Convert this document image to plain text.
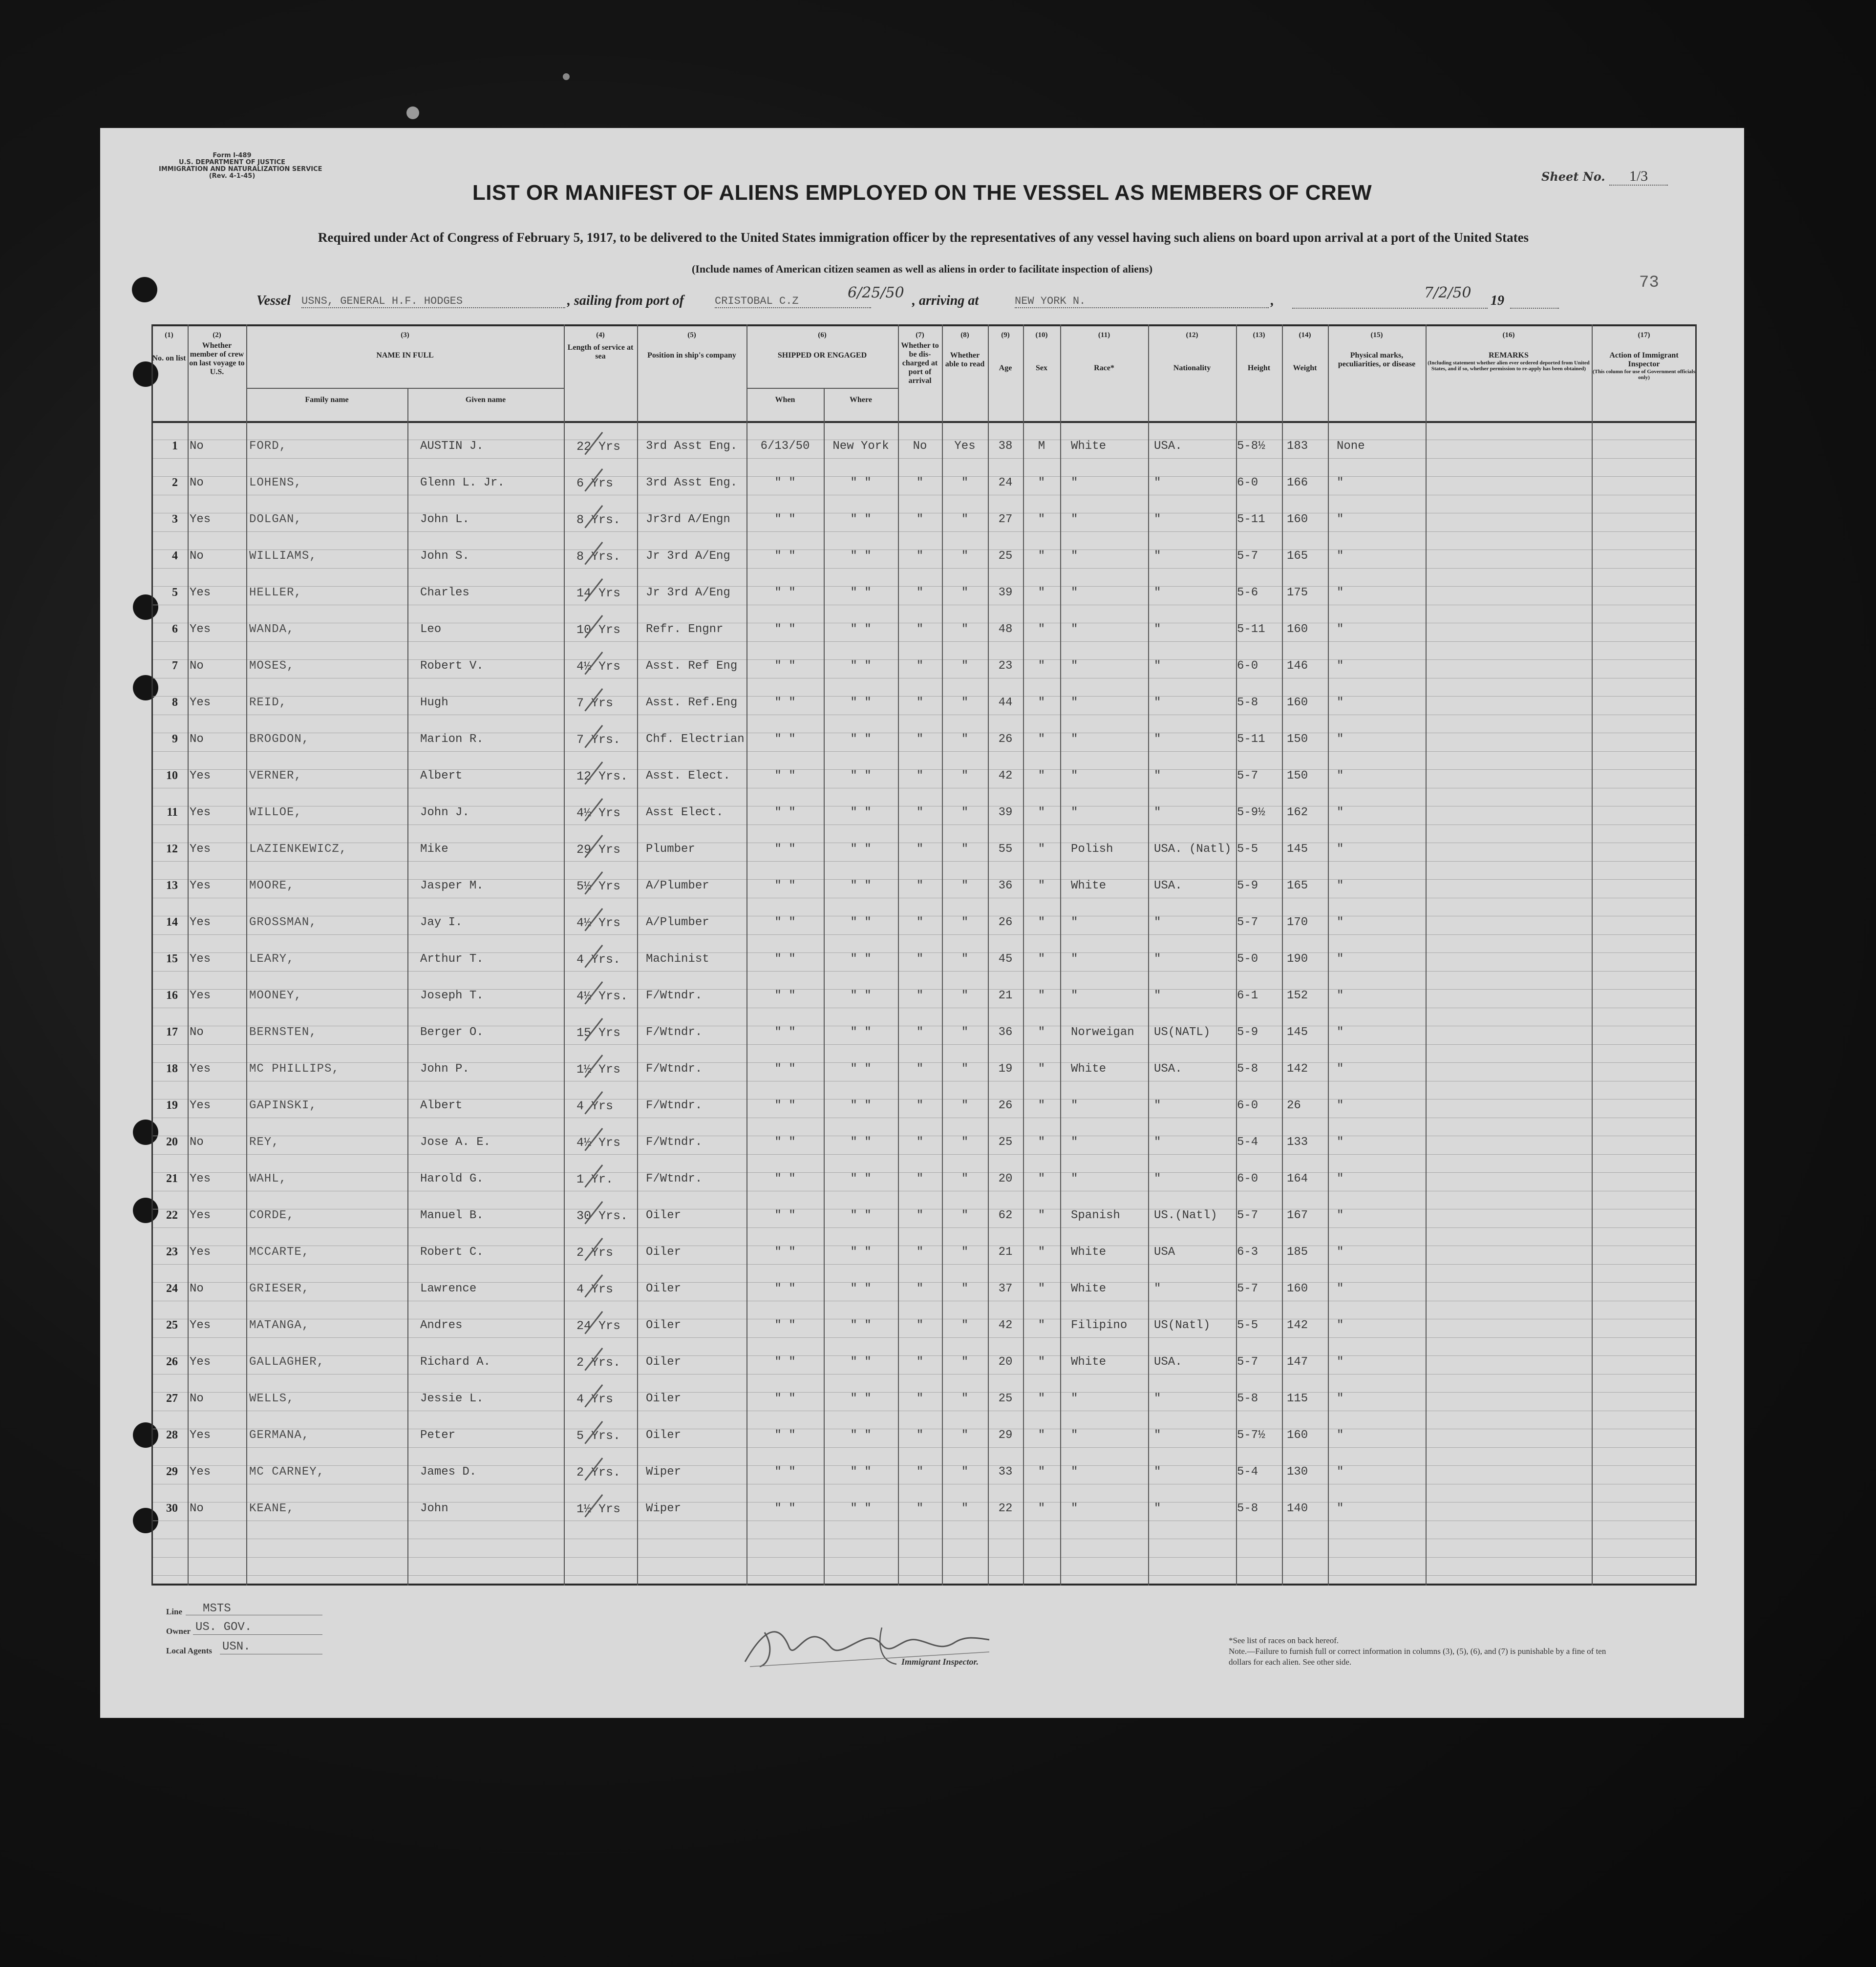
Form I-489
U.S. DEPARTMENT OF JUSTICE
IMMIGRATION AND NATURALIZATION SERVICE
(Rev. 4-1-45)	Sheet No. 1/3
LIST OR MANIFEST OF ALIENS EMPLOYED ON THE VESSEL AS MEMBERS OF CREW
Required under Act of Congress of February 5, 1917, to be delivered to the United States immigration officer by the representatives of any vessel having such aliens on board upon arrival at a port of the United States
(Include names of American citizen seamen as well as aliens in order to facilitate inspection of aliens)
73
Vessel USNS, GENERAL H.F. HODGES	, sailing from port of	CRISTOBAL C.Z	6/25/50 , arriving at	NEW YORK N.	,	7/2/50 19
(1)
No. on list
(2)
Whether member of crew on last voyage to U.S.
(3)
NAME IN FULL
Family name	Given name
(4)
Length of service at sea
(5)
Position in ship's company
(6)
SHIPPED OR ENGAGED
When	Where
(7)
Whether to be dis-charged at port of arrival
(8)
Whether able to read
(9)
Age
(10)
Sex
(11)
Race*
(12)
Nationality
(13)
Height
(14)
Weight
(15)
Physical marks, peculiarities, or disease
(16)
REMARKS
(Including statement whether alien ever ordered deported from United States, and if so, whether permission to re-apply has been obtained)
(17)
Action of Immigrant Inspector
(This column for use of Government officials only)
1 No	FORD,	AUSTIN J.	22 Yrs	3rd Asst Eng.	6/13/50	New York	No	Yes	38	M	White	USA.	5-8½	183	None
2 No	LOHENS,	Glenn L. Jr.	6 Yrs	3rd Asst Eng.	" "	" "	"	"	24	"	"	"	6-0	166	"
3 Yes	DOLGAN,	John L.	8 Yrs.	Jr3rd A/Engn	" "	" "	"	"	27	"	"	"	5-11	160	"
4 No	WILLIAMS,	John S.	8 Yrs.	Jr 3rd A/Eng	" "	" "	"	"	25	"	"	"	5-7	165	"
5 Yes	HELLER,	Charles	14 Yrs	Jr 3rd A/Eng	" "	" "	"	"	39	"	"	"	5-6	175	"
6 Yes	WANDA,	Leo	10 Yrs	Refr. Engnr	" "	" "	"	"	48	"	"	"	5-11	160	"
7 No	MOSES,	Robert V.	4½ Yrs	Asst. Ref Eng	" "	" "	"	"	23	"	"	"	6-0	146	"
8 Yes	REID,	Hugh	7 Yrs	Asst. Ref.Eng	" "	" "	"	"	44	"	"	"	5-8	160	"
9 No	BROGDON,	Marion R.	7 Yrs.	Chf. Electrian	" "	" "	"	"	26	"	"	"	5-11	150	"
10 Yes	VERNER,	Albert	12 Yrs.	Asst. Elect.	" "	" "	"	"	42	"	"	"	5-7	150	"
11 Yes	WILLOE,	John J.	4½ Yrs	Asst Elect.	" "	" "	"	"	39	"	"	"	5-9½	162	"
12 Yes	LAZIENKEWICZ,	Mike	29 Yrs	Plumber	" "	" "	"	"	55	"	Polish	USA. (Natl) 5-5	145	"
13 Yes	MOORE,	Jasper M.	5½ Yrs	A/Plumber	" "	" "	"	"	36	"	White	USA.	5-9	165	"
14 Yes	GROSSMAN,	Jay I.	4½ Yrs	A/Plumber	" "	" "	"	"	26	"	"	"	5-7	170	"
15 Yes	LEARY,	Arthur T.	4 Yrs.	Machinist	" "	" "	"	"	45	"	"	"	5-0	190	"
16 Yes	MOONEY,	Joseph T.	4½ Yrs.	F/Wtndr.	" "	" "	"	"	21	"	"	"	6-1	152	"
17 No	BERNSTEN,	Berger O.	15 Yrs	F/Wtndr.	" "	" "	"	"	36	"	Norweigan	US(NATL)	5-9	145	"
18 Yes	MC PHILLIPS,	John P.	1½ Yrs	F/Wtndr.	" "	" "	"	"	19	"	White	USA.	5-8	142	"
19 Yes	GAPINSKI,	Albert	4 Yrs	F/Wtndr.	" "	" "	"	"	26	"	"	"	6-0	26	"
20 No	REY,	Jose A. E.	4½ Yrs	F/Wtndr.	" "	" "	"	"	25	"	"	"	5-4	133	"
21 Yes	WAHL,	Harold G.	1 Yr.	F/Wtndr.	" "	" "	"	"	20	"	"	"	6-0	164	"
22 Yes	CORDE,	Manuel B.	30 Yrs.	Oiler	" "	" "	"	"	62	"	Spanish	US.(Natl)	5-7	167	"
23 Yes	MCCARTE,	Robert C.	2 Yrs	Oiler	" "	" "	"	"	21	"	White	USA	6-3	185	"
24 No	GRIESER,	Lawrence	4 Yrs	Oiler	" "	" "	"	"	37	"	White	"	5-7	160	"
25 Yes	MATANGA,	Andres	24 Yrs	Oiler	" "	" "	"	"	42	"	Filipino	US(Natl)	5-5	142	"
26 Yes	GALLAGHER,	Richard A.	2 Yrs.	Oiler	" "	" "	"	"	20	"	White	USA.	5-7	147	"
27 No	WELLS,	Jessie L.	4 Yrs	Oiler	" "	" "	"	"	25	"	"	"	5-8	115	"
28 Yes	GERMANA,	Peter	5 Yrs.	Oiler	" "	" "	"	"	29	"	"	"	5-7½	160	"
29 Yes	MC CARNEY,	James D.	2 Yrs.	Wiper	" "	" "	"	"	33	"	"	"	5-4	130	"
30 No	KEANE,	John	1½ Yrs	Wiper	" "	" "	"	"	22	"	"	"	5-8	140	"
Line MSTS
Owner US. GOV.
Local Agents USN.
Immigrant Inspector.
*See list of races on back hereof.
Note.—Failure to furnish full or correct information in columns (3), (5), (6), and (7) is punishable by a fine of ten dollars for each alien. See other side.
